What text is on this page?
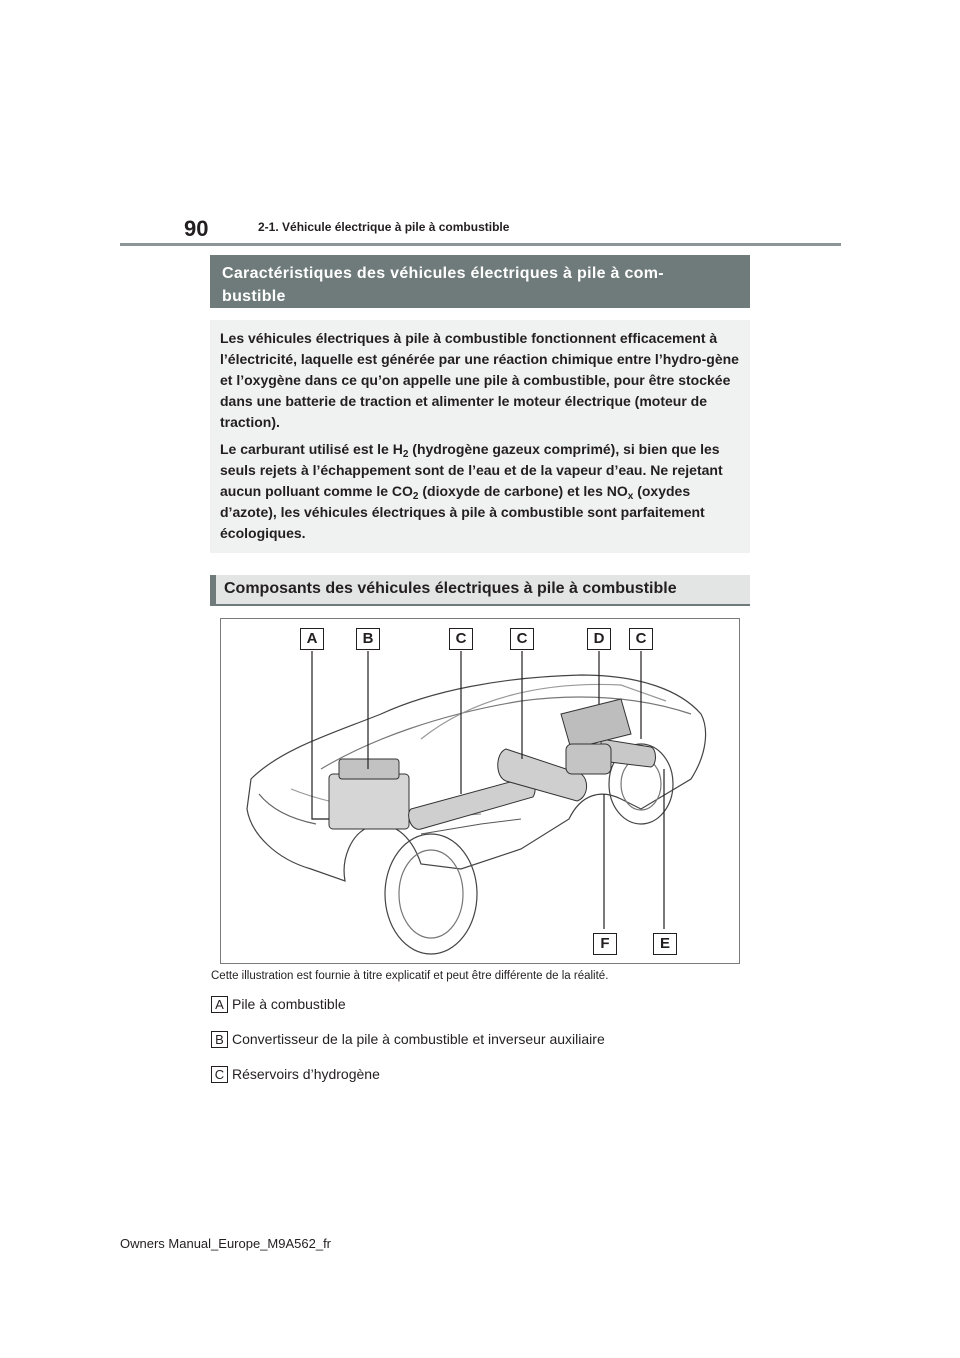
90	2-1. Véhicule électrique à pile à combustible
Caractéristiques des véhicules électriques à pile à com-
bustible

Les véhicules électriques à pile à combustible fonctionnent efficacement à l’électricité, laquelle est générée par une réaction chimique entre l’hydro-gène et l’oxygène dans ce qu’on appelle une pile à combustible, pour être stockée dans une batterie de traction et alimenter le moteur électrique (moteur de traction).

Le carburant utilisé est le $H_2$ (hydrogène gazeux comprimé), si bien que les seuls rejets à l’échappement sont de l’eau et de la vapeur d’eau. Ne rejetant aucun polluant comme le $CO_2$ (dioxyde de carbone) et les $NO_x$ (oxydes d’azote), les véhicules électriques à pile à combustible sont parfaitement écologiques.

Composants des véhicules électriques à pile à combustible
A	B	C	C	D	C
F	E
Cette illustration est fournie à titre explicatif et peut être différente de la réalité.
A Pile à combustible
B Convertisseur de la pile à combustible et inverseur auxiliaire
C Réservoirs d’hydrogène
Owners Manual_Europe_M9A562_fr
